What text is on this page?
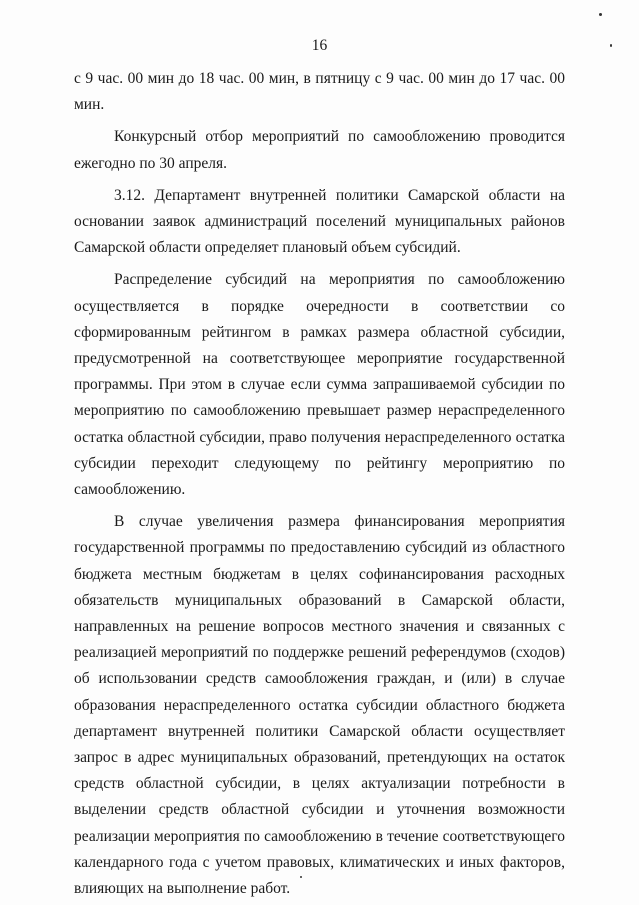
16

с 9 час. 00 мин до 18 час. 00 мин, в пятницу с 9 час. 00 мин до 17 час. 00 мин.

Конкурсный отбор мероприятий по самообложению проводится ежегодно по 30 апреля.

3.12. Департамент внутренней политики Самарской области на основании заявок администраций поселений муниципальных районов Самарской области определяет плановый объем субсидий.

Распределение субсидий на мероприятия по самообложению осуществляется в порядке очередности в соответствии со сформированным рейтингом в рамках размера областной субсидии, предусмотренной на соответствующее мероприятие государственной программы. При этом в случае если сумма запрашиваемой субсидии по мероприятию по самообложению превышает размер нераспределенного остатка областной субсидии, право получения нераспределенного остатка субсидии переходит следующему по рейтингу мероприятию по самообложению.

В случае увеличения размера финансирования мероприятия государственной программы по предоставлению субсидий из областного бюджета местным бюджетам в целях софинансирования расходных обязательств муниципальных образований в Самарской области, направленных на решение вопросов местного значения и связанных с реализацией мероприятий по поддержке решений референдумов (сходов) об использовании средств самообложения граждан, и (или) в случае образования нераспределенного остатка субсидии областного бюджета департамент внутренней политики Самарской области осуществляет запрос в адрес муниципальных образований, претендующих на остаток средств областной субсидии, в целях актуализации потребности в выделении средств областной субсидии и уточнения возможности реализации мероприятия по самообложению в течение соответствующего календарного года с учетом правовых, климатических и иных факторов, влияющих на выполнение работ.
